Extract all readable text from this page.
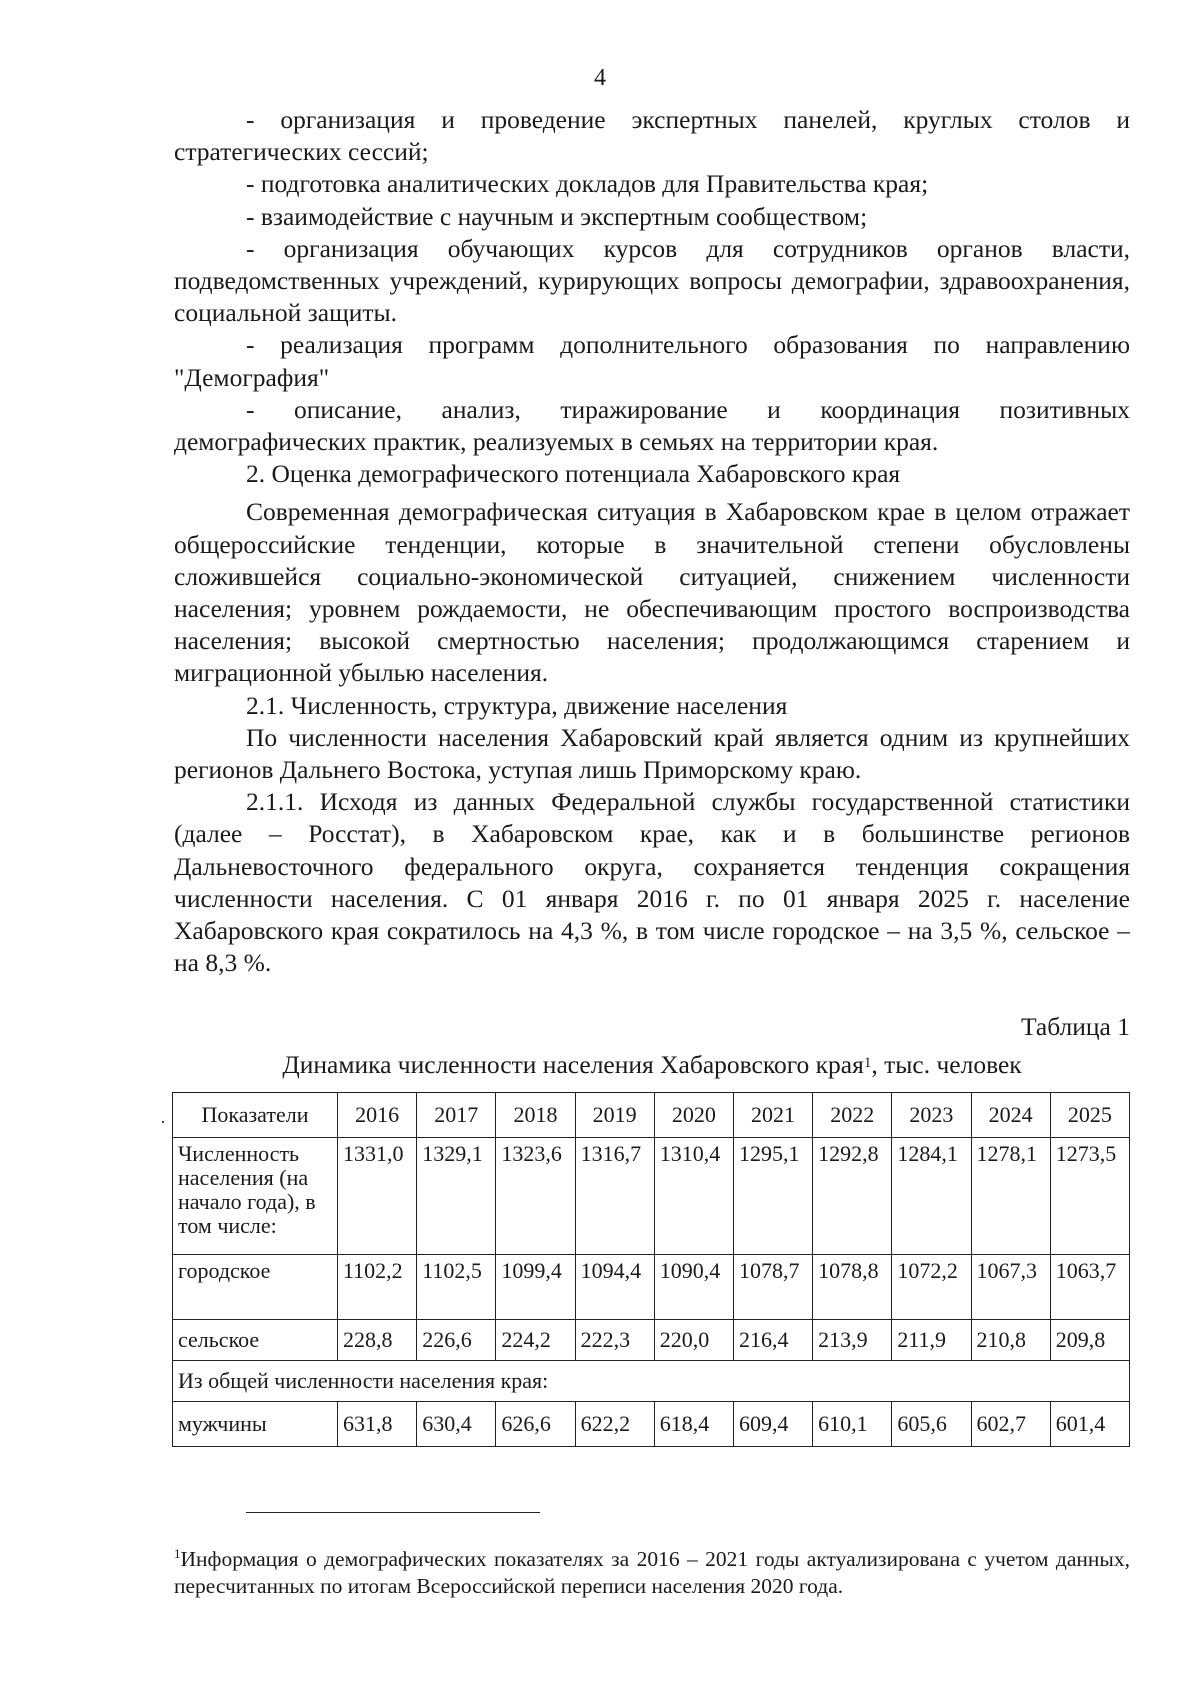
4

- организация и проведение экспертных панелей, круглых столов и стратегических сессий;

- подготовка аналитических докладов для Правительства края;

- взаимодействие с научным и экспертным сообществом;

- организация обучающих курсов для сотрудников органов власти, подведомственных учреждений, курирующих вопросы демографии, здравоохранения, социальной защиты.

- реализация программ дополнительного образования по направлению "Демография"

- описание, анализ, тиражирование и координация позитивных демографических практик, реализуемых в семьях на территории края.

2. Оценка демографического потенциала Хабаровского края

Современная демографическая ситуация в Хабаровском крае в целом отражает общероссийские тенденции, которые в значительной степени обусловлены сложившейся социально-экономической ситуацией, снижением численности населения; уровнем рождаемости, не обеспечивающим простого воспроизводства населения; высокой смертностью населения; продолжающимся старением и миграционной убылью населения.

2.1. Численность, структура, движение населения

По численности населения Хабаровский край является одним из крупнейших регионов Дальнего Востока, уступая лишь Приморскому краю.

2.1.1. Исходя из данных Федеральной службы государственной статистики (далее – Росстат), в Хабаровском крае, как и в большинстве регионов Дальневосточного федерального округа, сохраняется тенденция сокращения численности населения. С 01 января 2016 г. по 01 января 2025 г. население Хабаровского края сократилось на 4,3 %, в том числе городское – на 3,5 %, сельское – на 8,3 %.

Таблица 1
Динамика численности населения Хабаровского края$^1$, тыс. человек
· Показатели	2016	2017	2018	2019	2020	2021	2022	2023	2024	2025
Численность населения (на начало года), в том числе:	1331,0	1329,1	1323,6	1316,7	1310,4	1295,1	1292,8	1284,1	1278,1	1273,5
городское	1102,2	1102,5	1099,4	1094,4	1090,4	1078,7	1078,8	1072,2	1067,3	1063,7
сельское	228,8	226,6	224,2	222,3	220,0	216,4	213,9	211,9	210,8	209,8
Из общей численности населения края:										
мужчины	631,8	630,4	626,6	622,2	618,4	609,4	610,1	605,6	602,7	601,4
$^1$Информация о демографических показателях за 2016 – 2021 годы актуализирована с учетом данных, пересчитанных по итогам Всероссийской переписи населения 2020 года.
